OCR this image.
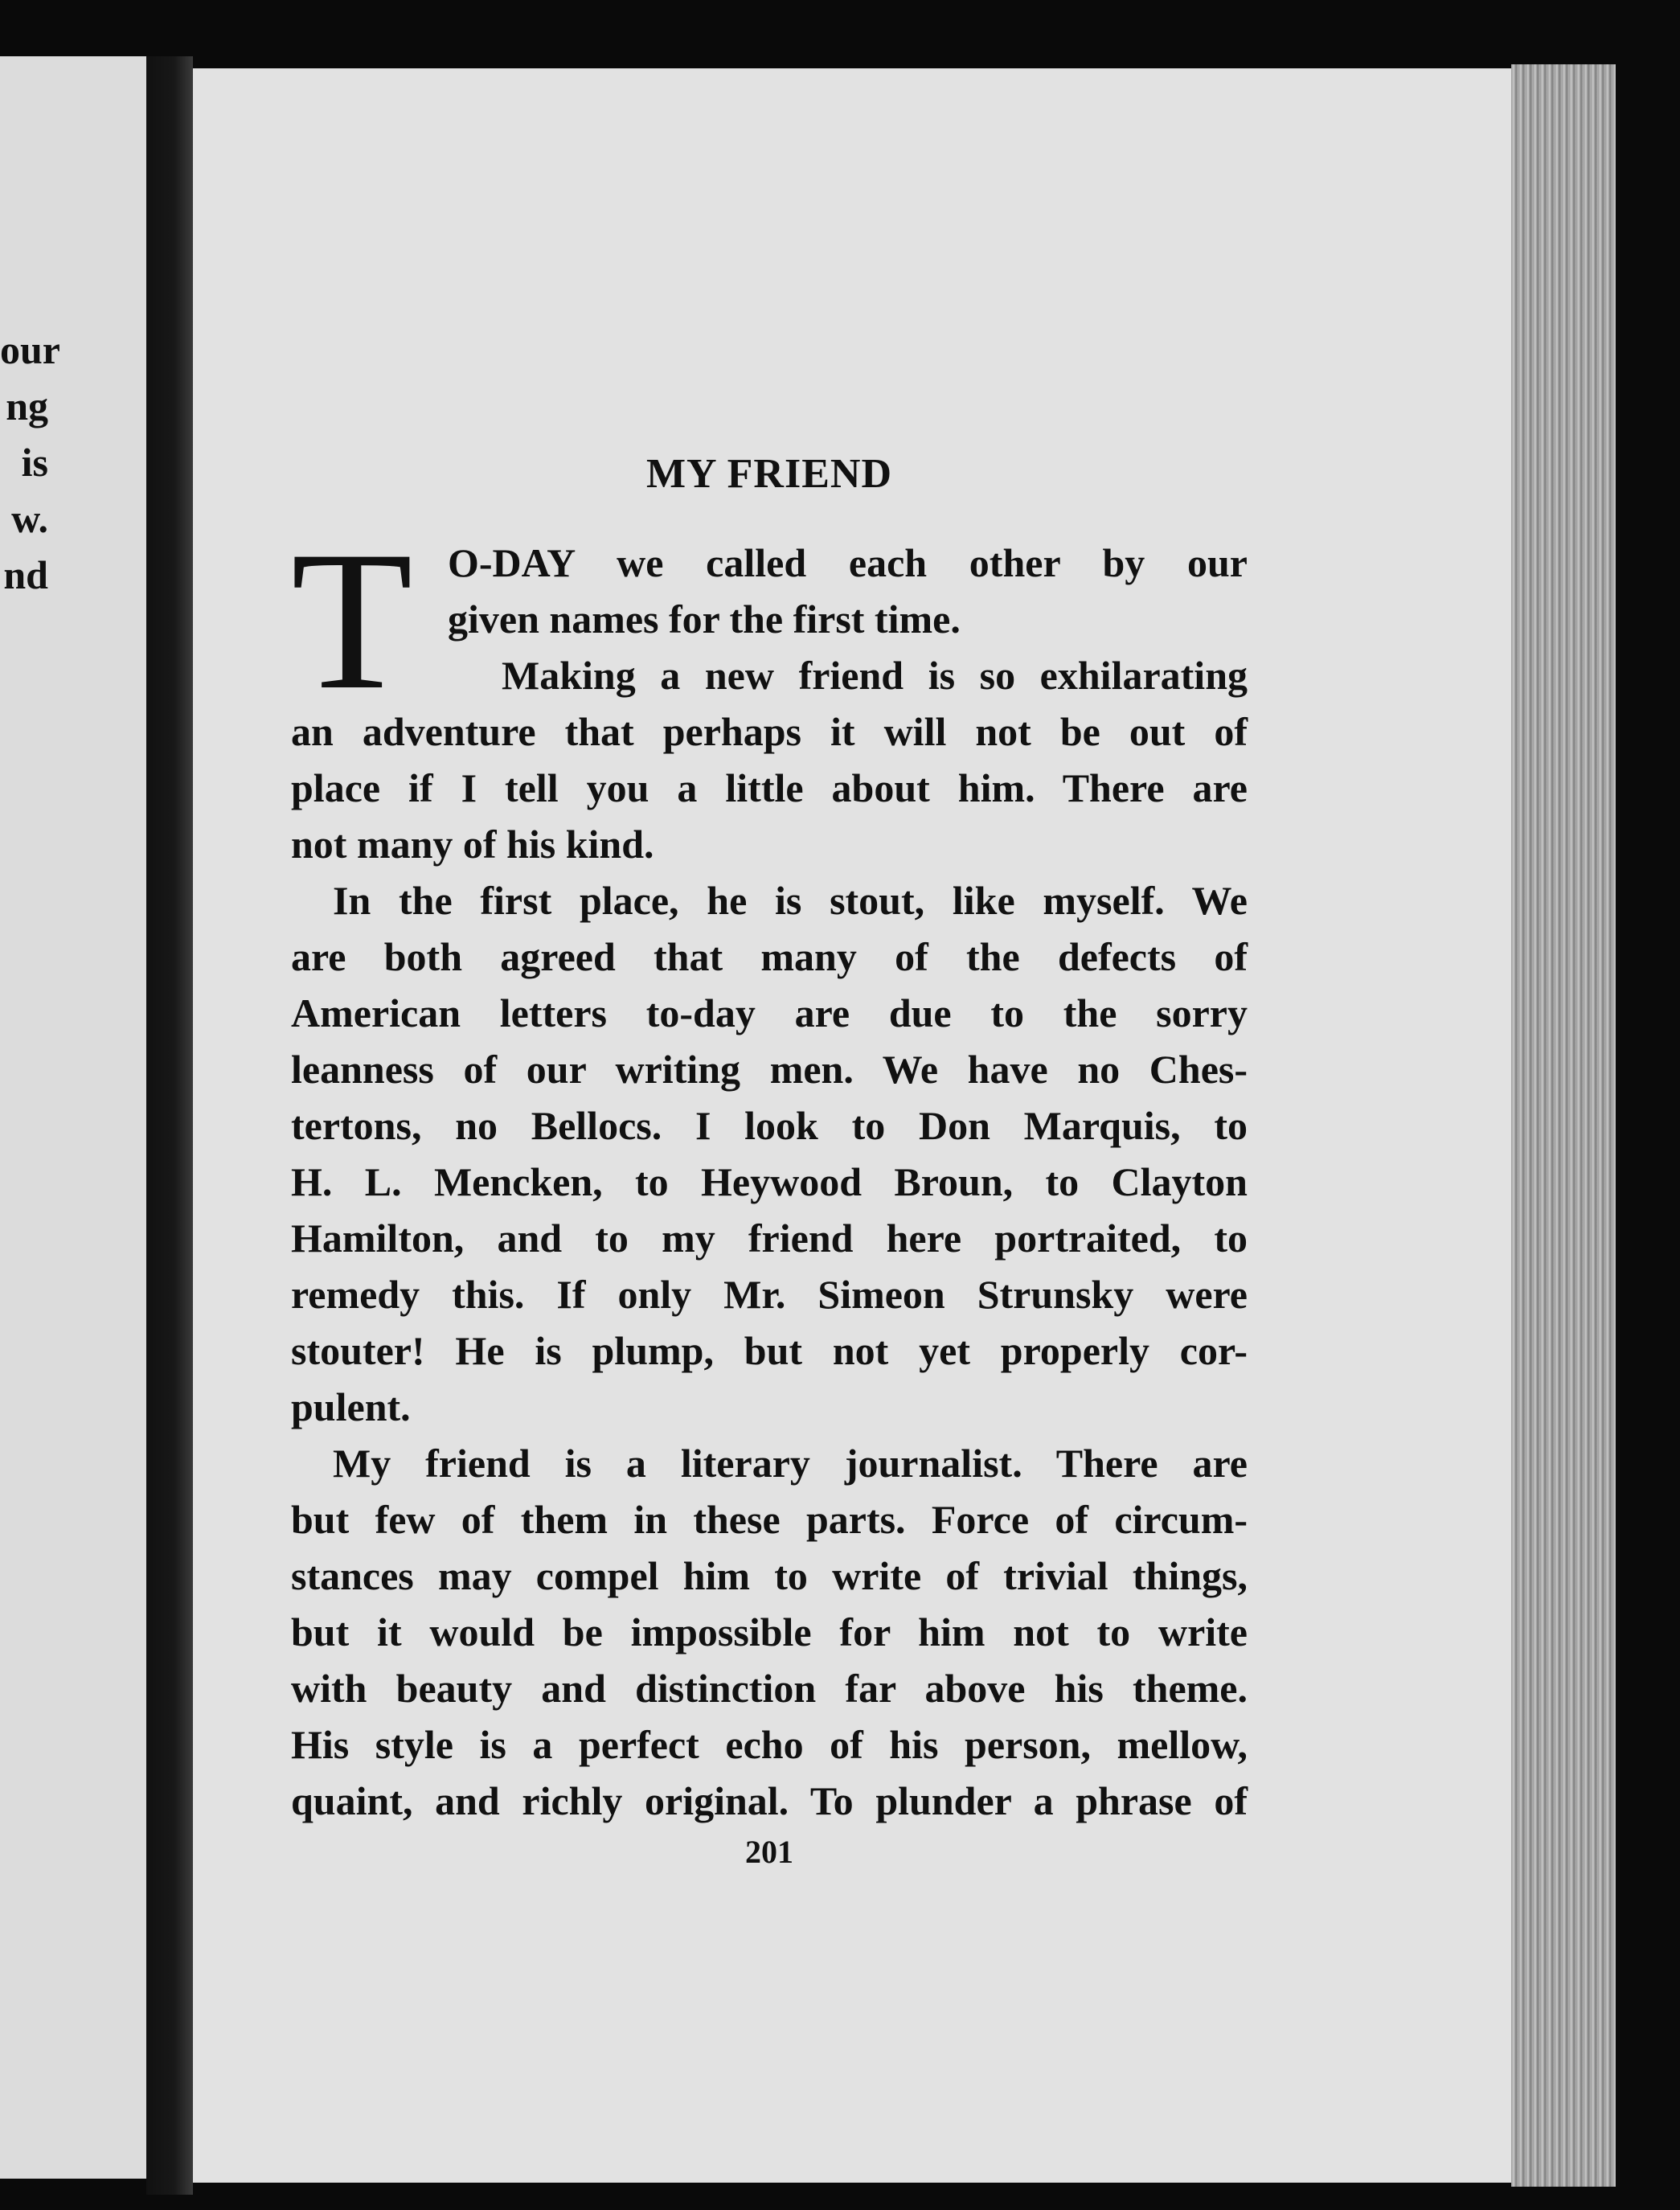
our
ng
is
w.
nd
MY FRIEND
T O-DAY we called each other by our
given names for the first time.
Making a new friend is so exhilarating
an adventure that perhaps it will not be out of
place if I tell you a little about him. There are
not many of his kind.
In the first place, he is stout, like myself. We
are both agreed that many of the defects of
American letters to-day are due to the sorry
leanness of our writing men. We have no Ches-
tertons, no Bellocs. I look to Don Marquis, to
H. L. Mencken, to Heywood Broun, to Clayton
Hamilton, and to my friend here portraited, to
remedy this. If only Mr. Simeon Strunsky were
stouter! He is plump, but not yet properly cor-
pulent.
My friend is a literary journalist. There are
but few of them in these parts. Force of circum-
stances may compel him to write of trivial things,
but it would be impossible for him not to write
with beauty and distinction far above his theme.
His style is a perfect echo of his person, mellow,
quaint, and richly original. To plunder a phrase of
201
